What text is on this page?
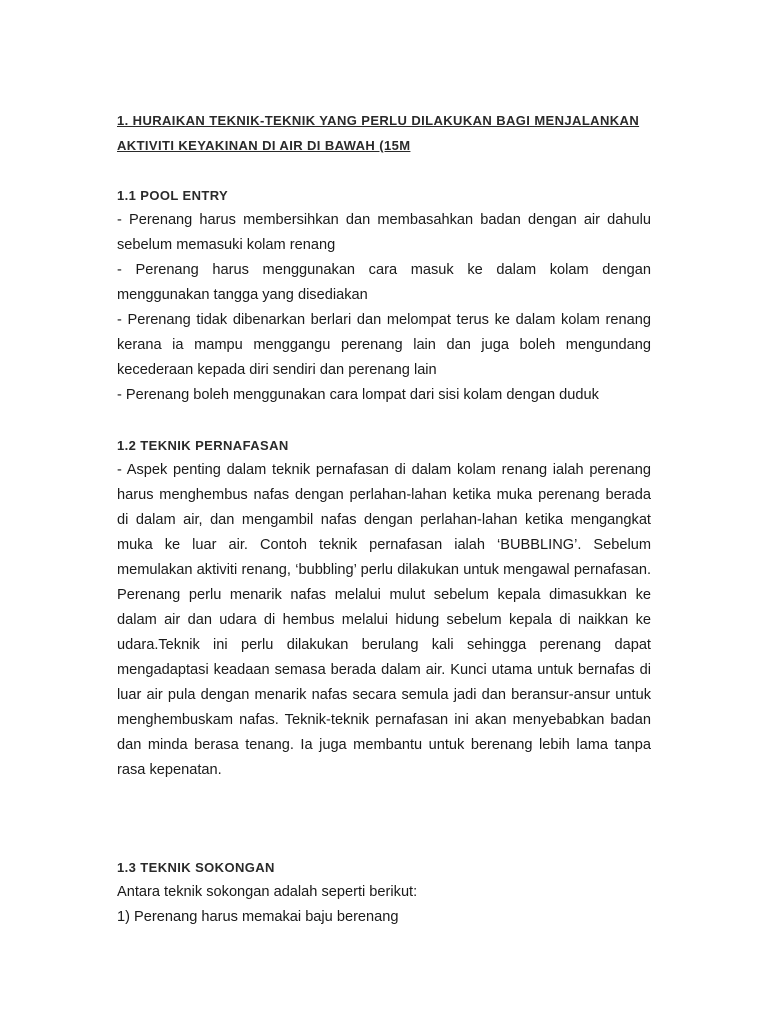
1. HURAIKAN TEKNIK-TEKNIK YANG PERLU DILAKUKAN BAGI MENJALANKAN AKTIVITI KEYAKINAN DI AIR DI BAWAH (15M

1.1 POOL ENTRY

- Perenang harus membersihkan dan membasahkan badan dengan air dahulu sebelum memasuki kolam renang

- Perenang harus menggunakan cara masuk ke dalam kolam dengan menggunakan tangga yang disediakan

- Perenang tidak dibenarkan berlari dan melompat terus ke dalam kolam renang kerana ia mampu menggangu perenang lain dan juga boleh mengundang kecederaan kepada diri sendiri dan perenang lain

- Perenang boleh menggunakan cara lompat dari sisi kolam dengan duduk

1.2 TEKNIK PERNAFASAN

- Aspek penting dalam teknik pernafasan di dalam kolam renang ialah perenang harus menghembus nafas dengan perlahan-lahan ketika muka perenang berada di dalam air, dan mengambil nafas dengan perlahan-lahan ketika mengangkat muka ke luar air. Contoh teknik pernafasan ialah ‘BUBBLING’. Sebelum memulakan aktiviti renang, ‘bubbling’ perlu dilakukan untuk mengawal pernafasan. Perenang perlu menarik nafas melalui mulut sebelum kepala dimasukkan ke dalam air dan udara di hembus melalui hidung sebelum kepala di naikkan ke udara.Teknik ini perlu dilakukan berulang kali sehingga perenang dapat mengadaptasi keadaan semasa berada dalam air. Kunci utama untuk bernafas di luar air pula dengan menarik nafas secara semula jadi dan beransur-ansur untuk menghembuskam nafas. Teknik-teknik pernafasan ini akan menyebabkan badan dan minda berasa tenang. Ia juga membantu untuk berenang lebih lama tanpa rasa kepenatan.

1.3 TEKNIK SOKONGAN

Antara teknik sokongan adalah seperti berikut:

1) Perenang harus memakai baju berenang
